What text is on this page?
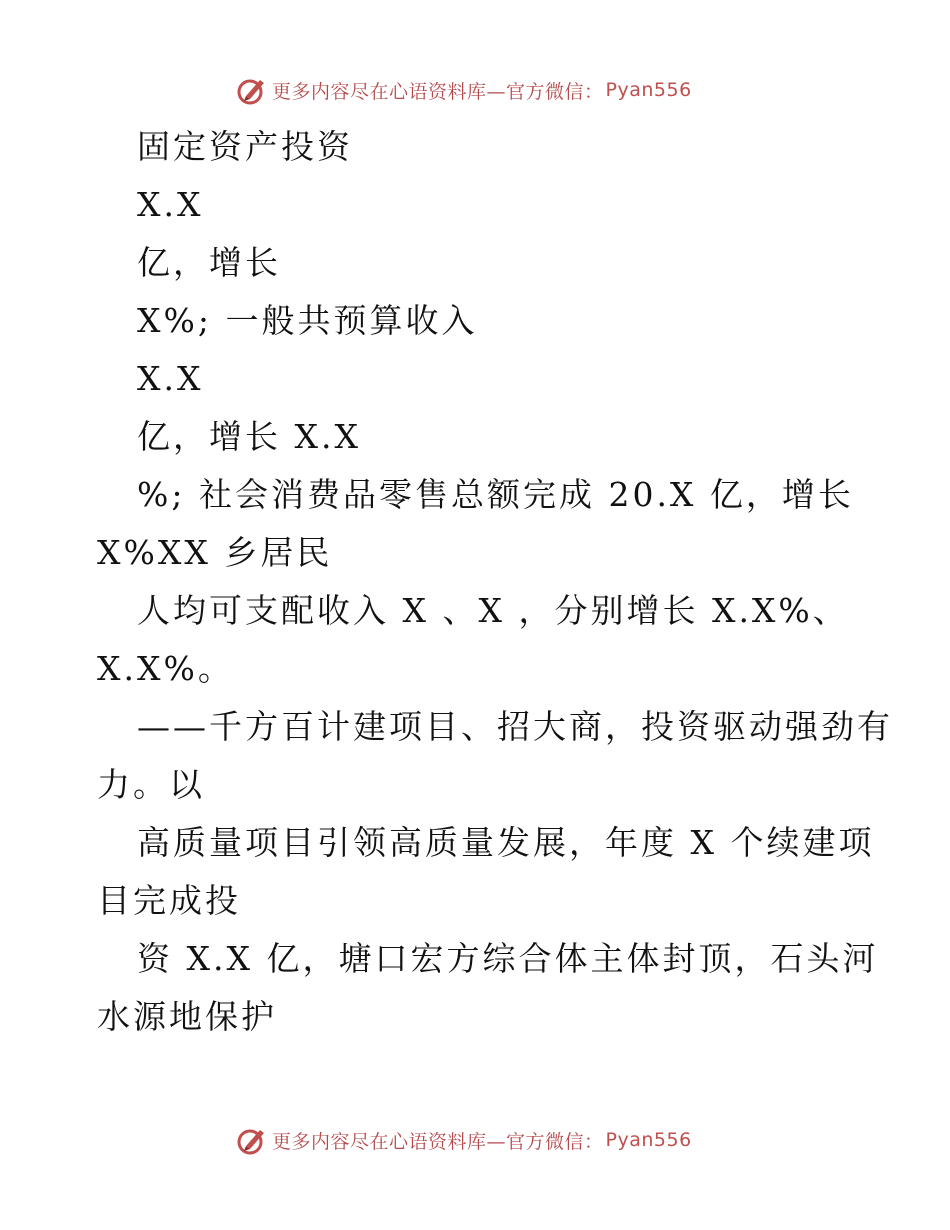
更多内容尽在心语资料库—官方微信： Pyan556
固定资产投资
X.X
亿，增长
X%; 一般共预算收入
X.X
亿，增长 X.X
%; 社会消费品零售总额完成 20.X 亿，增长
X%XX 乡居民
人均可支配收入 X 、X ，分别增长 X.X%、
X.X%。
——千方百计建项目、招大商，投资驱动强劲有
力。以
高质量项目引领高质量发展，年度 X 个续建项
目完成投
资 X.X 亿，塘口宏方综合体主体封顶，石头河
水源地保护
更多内容尽在心语资料库—官方微信： Pyan556
